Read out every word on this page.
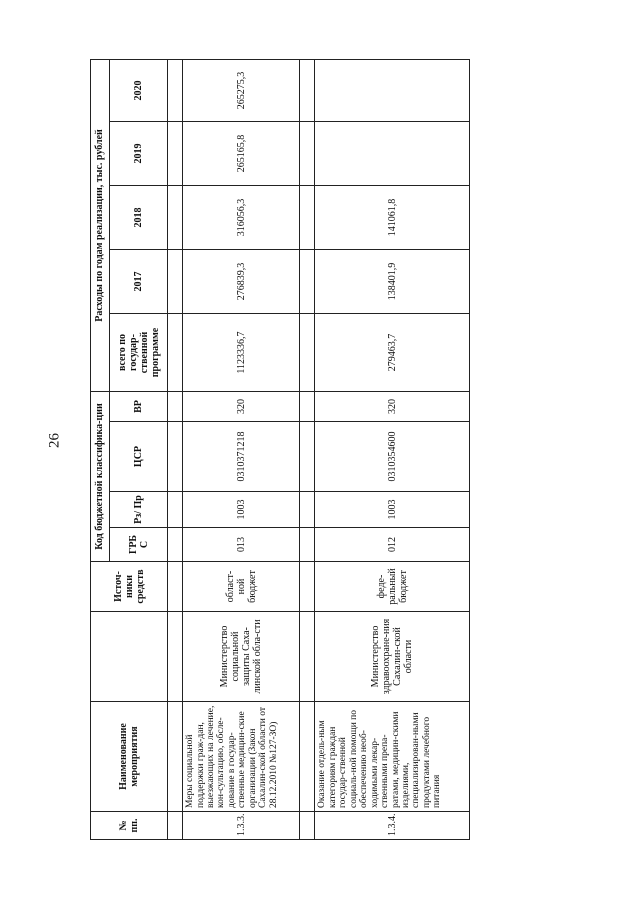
26
№ пп.	Наименование мероприятия		Источ-ники средств	Код бюджетной классифика-ции				Расходы по годам реализации, тыс. рублей				
				ГРБ С	Рз/ Пр	ЦСР	ВР	всего по государ-ственной программе	2017	2018	2019	2020

1.3.3.	Меры социальной поддержки граж-дан, выезжающих на лечение, кон-сультацию, обсле-дование в государ-ственные медицин-ские организации (Закон Сахалин-ской области от 28.12.2010 №127-ЗО)	Министерство социальной защиты Саха-линской обла-сти	област-ной бюджет	013	1003	0310371218	320	1123336,7	276839,3	316056,3	265165,8	265275,3

1.3.4.	Оказание отдель-ным категориям граждан государ-ственной социаль-ной помощи по обеспечению необ-ходимыми лекар-ственными препа-ратами, медицин-скими изделиями, специализирован-ными продуктами лечебного питания	Министерство здравоохране-ния Сахалин-ской области	феде-ральный бюджет	012	1003	0310354600	320	279463,7	138401,9	141061,8		
